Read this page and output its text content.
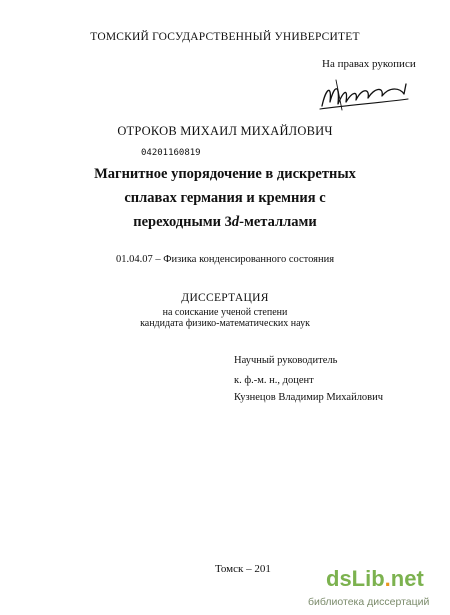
ТОМСКИЙ ГОСУДАРСТВЕННЫЙ УНИВЕРСИТЕТ
На правах рукописи
ОТРОКОВ МИХАИЛ МИХАЙЛОВИЧ
04201160819
Магнитное упорядочение в дискретных
сплавах германия и кремния с
переходными 3d-металлами
01.04.07 – Физика конденсированного состояния
ДИССЕРТАЦИЯ
на соискание ученой степени
кандидата физико-математических наук
Научный руководитель
к. ф.-м. н., доцент
Кузнецов Владимир Михайлович
Томск – 201	dsLib.net
библиотека диссертаций
